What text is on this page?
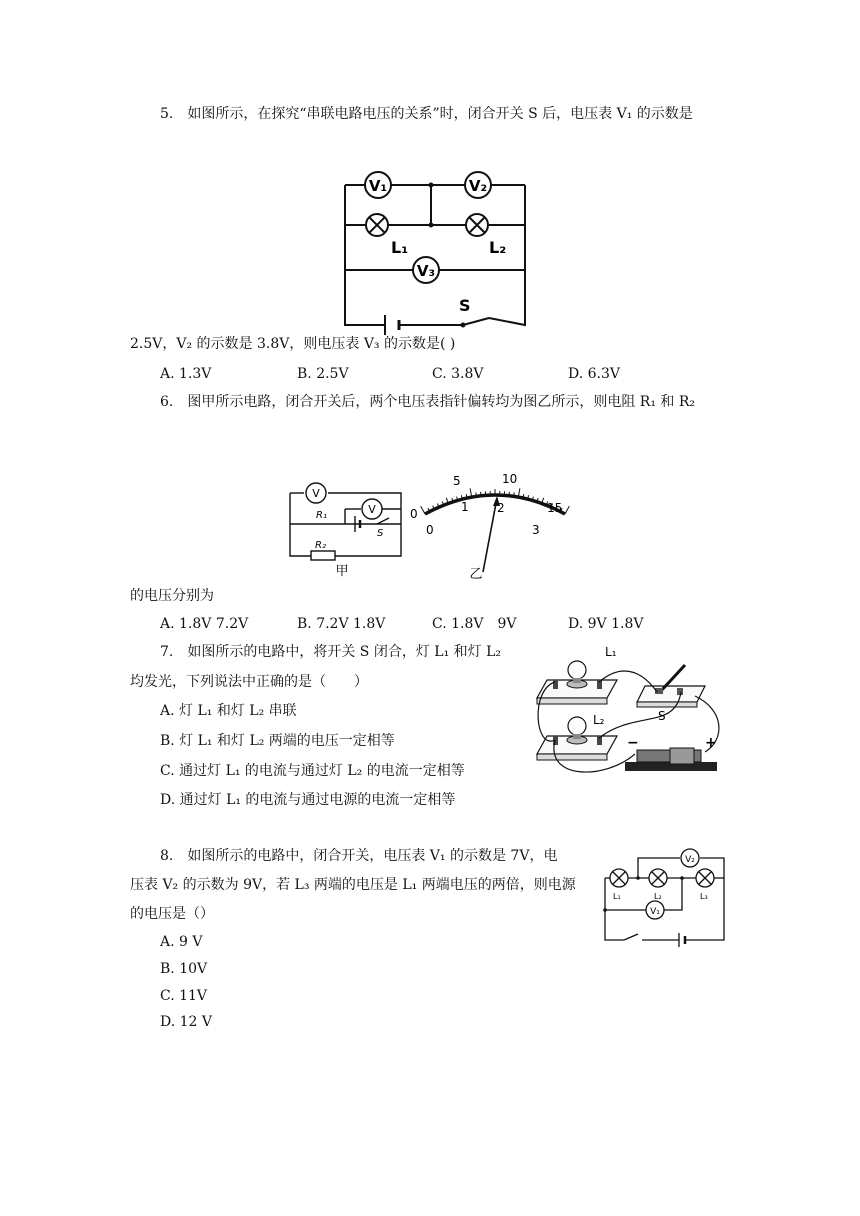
5.　如图所示，在探究“串联电路电压的关系”时，闭合开关 S 后，电压表 V₁ 的示数是
V₁	V₂
V₃
L₁	L₂
S
2.5V，V₂ 的示数是 3.8V，则电压表 V₃ 的示数是( )
A. 1.3V	B. 2.5V	C. 3.8V	D. 6.3V
6.　图甲所示电路，闭合开关后，两个电压表指针偏转均为图乙所示，则电阻 R₁ 和 R₂
V
V
R₁
R₂
S
甲
0
5	10
15
0
1 2
3
乙
的电压分别为
A. 1.8V 7.2V	B. 7.2V 1.8V	C. 1.8V　9V	D. 9V 1.8V
7.　如图所示的电路中，将开关 S 闭合，灯 L₁ 和灯 L₂
均发光，下列说法中正确的是（　　）
A. 灯 L₁ 和灯 L₂ 串联
B. 灯 L₁ 和灯 L₂ 两端的电压一定相等
C. 通过灯 L₁ 的电流与通过灯 L₂ 的电流一定相等
D. 通过灯 L₁ 的电流与通过电源的电流一定相等
L₁
L₂	S
−	+
8.　如图所示的电路中，闭合开关，电压表 V₁ 的示数是 7V，电
压表 V₂ 的示数为 9V，若 L₃ 两端的电压是 L₁ 两端电压的两倍，则电源
的电压是（）
A. 9 V
B. 10V
C. 11V
D. 12 V
V₂
V₁
L₁	L₂	L₃
